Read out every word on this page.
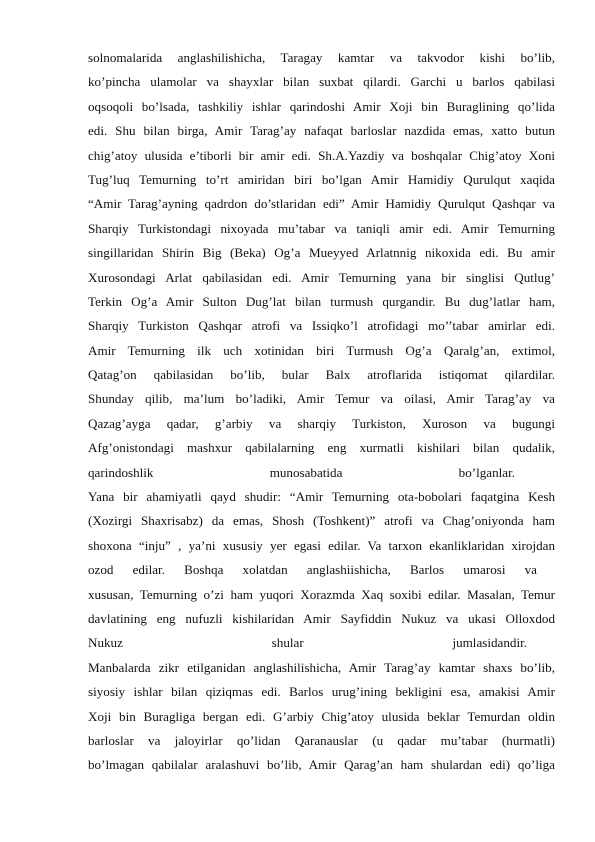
solnomalarida anglashilishicha, Taragay kamtar va takvodor kishi bo’lib,
ko’pincha ulamolar va shayxlar bilan suxbat qilardi. Garchi u barlos qabilasi
oqsoqoli bo’lsada, tashkiliy ishlar qarindoshi Amir Xoji bin Buraglining qo’lida
edi. Shu bilan birga, Amir Tarag’ay nafaqat barloslar nazdida emas, xatto butun
chig’atoy ulusida e’tiborli bir amir edi. Sh.A.Yazdiy va boshqalar Chig’atoy Xoni
Tug’luq Temurning to’rt amiridan biri bo’lgan Amir Hamidiy Qurulqut xaqida
“Amir Tarag’ayning qadrdon do’stlaridan edi” Amir Hamidiy Qurulqut Qashqar va
Sharqiy Turkistondagi nixoyada mu’tabar va taniqli amir edi. Amir Temurning
singillaridan Shirin Big (Beka) Og’a Mueyyed Arlatnnig nikoxida edi. Bu amir
Xurosondagi Arlat qabilasidan edi. Amir Temurning yana bir singlisi Qutlug’
Terkin Og’a Amir Sulton Dug’lat bilan turmush qurgandir. Bu dug’latlar ham,
Sharqiy Turkiston Qashqar atrofi va Issiqko’l atrofidagi mo’’tabar amirlar edi.
Amir Temurning ilk uch xotinidan biri Turmush Og’a Qaralg’an, extimol,
Qatag’on qabilasidan bo’lib, bular Balx atroflarida istiqomat qilardilar.
Shunday qilib, ma’lum bo’ladiki, Amir Temur va oilasi, Amir Tarag’ay va
Qazag’ayga qadar, g’arbiy va sharqiy Turkiston, Xuroson va bugungi
Afg’onistondagi mashxur qabilalarning eng xurmatli kishilari bilan qudalik,
qarindoshlik munosabatida bo’lganlar.
Yana bir ahamiyatli qayd shudir: “Amir Temurning ota-bobolari faqatgina Kesh
(Xozirgi Shaxrisabz) da emas, Shosh (Toshkent)” atrofi va Chag’oniyonda ham
shoxona “inju” , ya’ni xususiy yer egasi edilar. Va tarxon ekanliklaridan xirojdan
ozod edilar. Boshqa xolatdan anglashiishicha, Barlos umarosi va
xususan, Temurning o’zi ham yuqori Xorazmda Xaq soxibi edilar. Masalan, Temur
davlatining eng nufuzli kishilaridan Amir Sayfiddin Nukuz va ukasi Olloxdod
Nukuz shular jumlasidandir.
Manbalarda zikr etilganidan anglashilishicha, Amir Tarag’ay kamtar shaxs bo’lib,
siyosiy ishlar bilan qiziqmas edi. Barlos urug’ining bekligini esa, amakisi Amir
Xoji bin Buragliga bergan edi. G’arbiy Chig’atoy ulusida beklar Temurdan oldin
barloslar va jaloyirlar qo’lidan Qaranauslar (u qadar mu’tabar (hurmatli)
bo’lmagan qabilalar aralashuvi bo’lib, Amir Qarag’an ham shulardan edi) qo’liga
